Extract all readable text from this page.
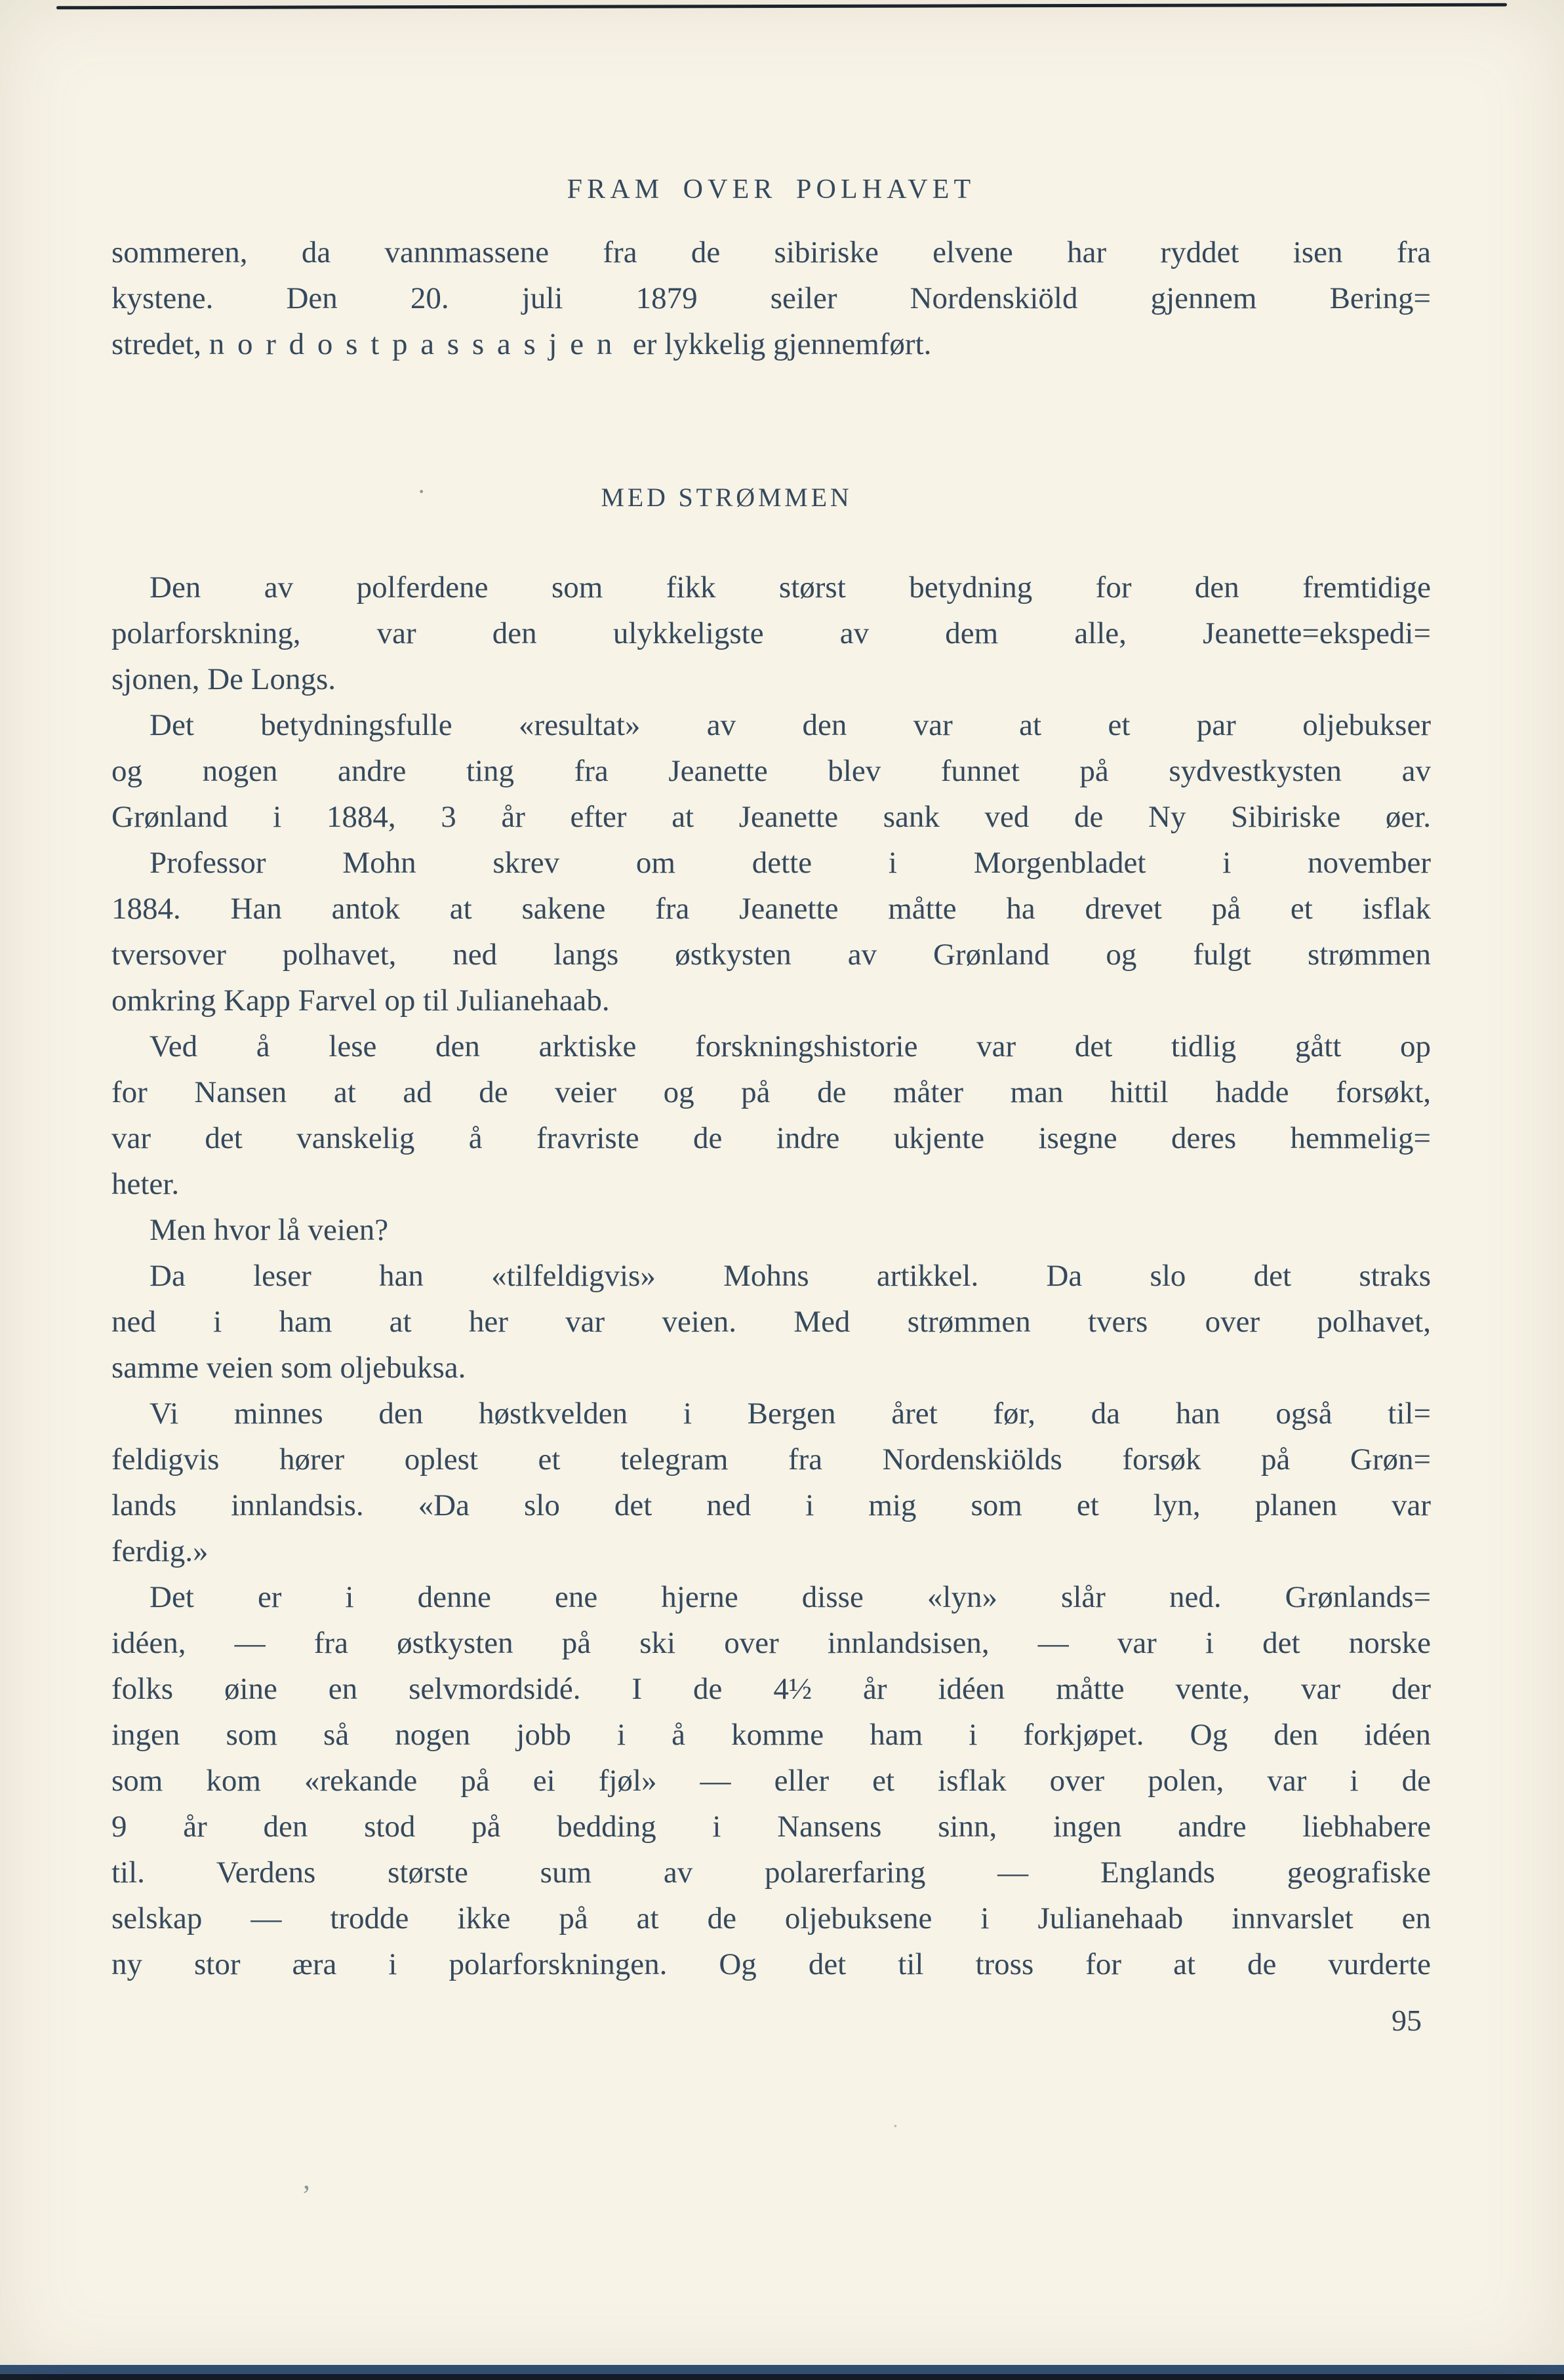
FRAM OVER POLHAVET
sommeren, da vannmassene fra de sibiriske elvene har ryddet isen fra
kystene. Den 20. juli 1879 seiler Nordenskiöld gjennem Bering=
stredet, nordostpassasjen er lykkelig gjennemført.
MED STRØMMEN
Den av polferdene som fikk størst betydning for den fremtidige
polarforskning, var den ulykkeligste av dem alle, Jeanette=ekspedi=
sjonen, De Longs.
Det betydningsfulle «resultat» av den var at et par oljebukser
og nogen andre ting fra Jeanette blev funnet på sydvestkysten av
Grønland i 1884, 3 år efter at Jeanette sank ved de Ny Sibiriske øer.
Professor Mohn skrev om dette i Morgenbladet i november
1884. Han antok at sakene fra Jeanette måtte ha drevet på et isflak
tversover polhavet, ned langs østkysten av Grønland og fulgt strømmen
omkring Kapp Farvel op til Julianehaab.
Ved å lese den arktiske forskningshistorie var det tidlig gått op
for Nansen at ad de veier og på de måter man hittil hadde forsøkt,
var det vanskelig å fravriste de indre ukjente isegne deres hemmelig=
heter.
Men hvor lå veien?
Da leser han «tilfeldigvis» Mohns artikkel. Da slo det straks
ned i ham at her var veien. Med strømmen tvers over polhavet,
samme veien som oljebuksa.
Vi minnes den høstkvelden i Bergen året før, da han også til=
feldigvis hører oplest et telegram fra Nordenskiölds forsøk på Grøn=
lands innlandsis. «Da slo det ned i mig som et lyn, planen var
ferdig.»
Det er i denne ene hjerne disse «lyn» slår ned. Grønlands=
idéen, — fra østkysten på ski over innlandsisen, — var i det norske
folks øine en selvmordsidé. I de 4½ år idéen måtte vente, var der
ingen som så nogen jobb i å komme ham i forkjøpet. Og den idéen
som kom «rekande på ei fjøl» — eller et isflak over polen, var i de
9 år den stod på bedding i Nansens sinn, ingen andre liebhabere
til. Verdens største sum av polarerfaring — Englands geografiske
selskap — trodde ikke på at de oljebuksene i Julianehaab innvarslet en
ny stor æra i polarforskningen. Og det til tross for at de vurderte
95
·
,
·
